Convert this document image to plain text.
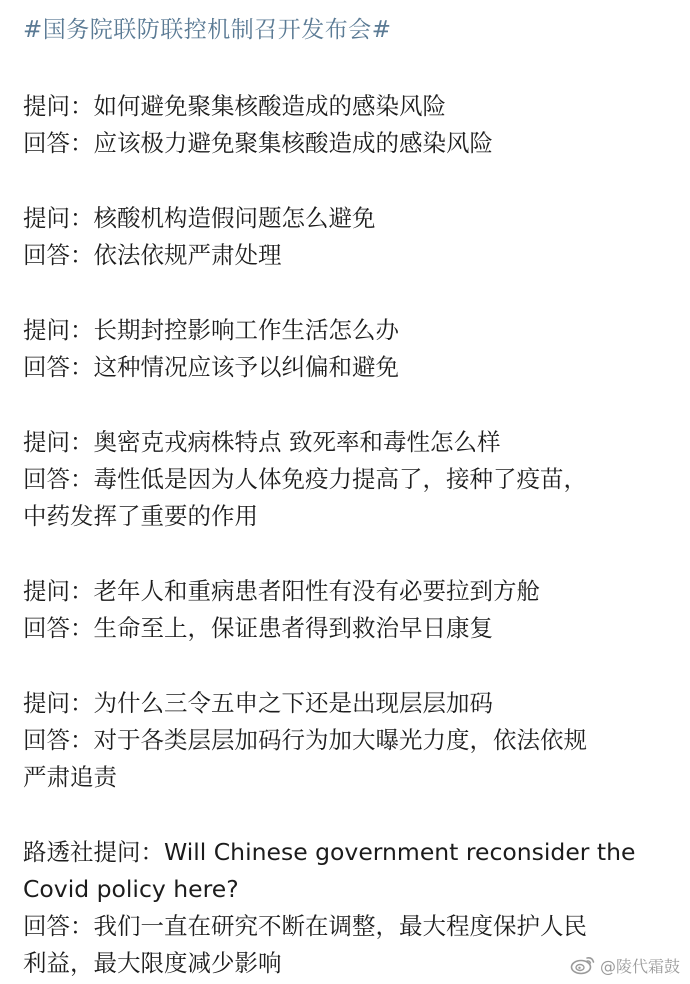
#国务院联防联控机制召开发布会#
提问：如何避免聚集核酸造成的感染风险
回答：应该极力避免聚集核酸造成的感染风险
提问：核酸机构造假问题怎么避免
回答：依法依规严肃处理
提问：长期封控影响工作生活怎么办
回答：这种情况应该予以纠偏和避免
提问：奥密克戎病株特点 致死率和毒性怎么样
回答：毒性低是因为人体免疫力提高了，接种了疫苗，
中药发挥了重要的作用
提问：老年人和重病患者阳性有没有必要拉到方舱
回答：生命至上，保证患者得到救治早日康复
提问：为什么三令五申之下还是出现层层加码
回答：对于各类层层加码行为加大曝光力度，依法依规
严肃追责
路透社提问：Will Chinese government reconsider the
Covid policy here?
回答：我们一直在研究不断在调整，最大程度保护人民
利益，最大限度减少影响	@陵代霜鼓
